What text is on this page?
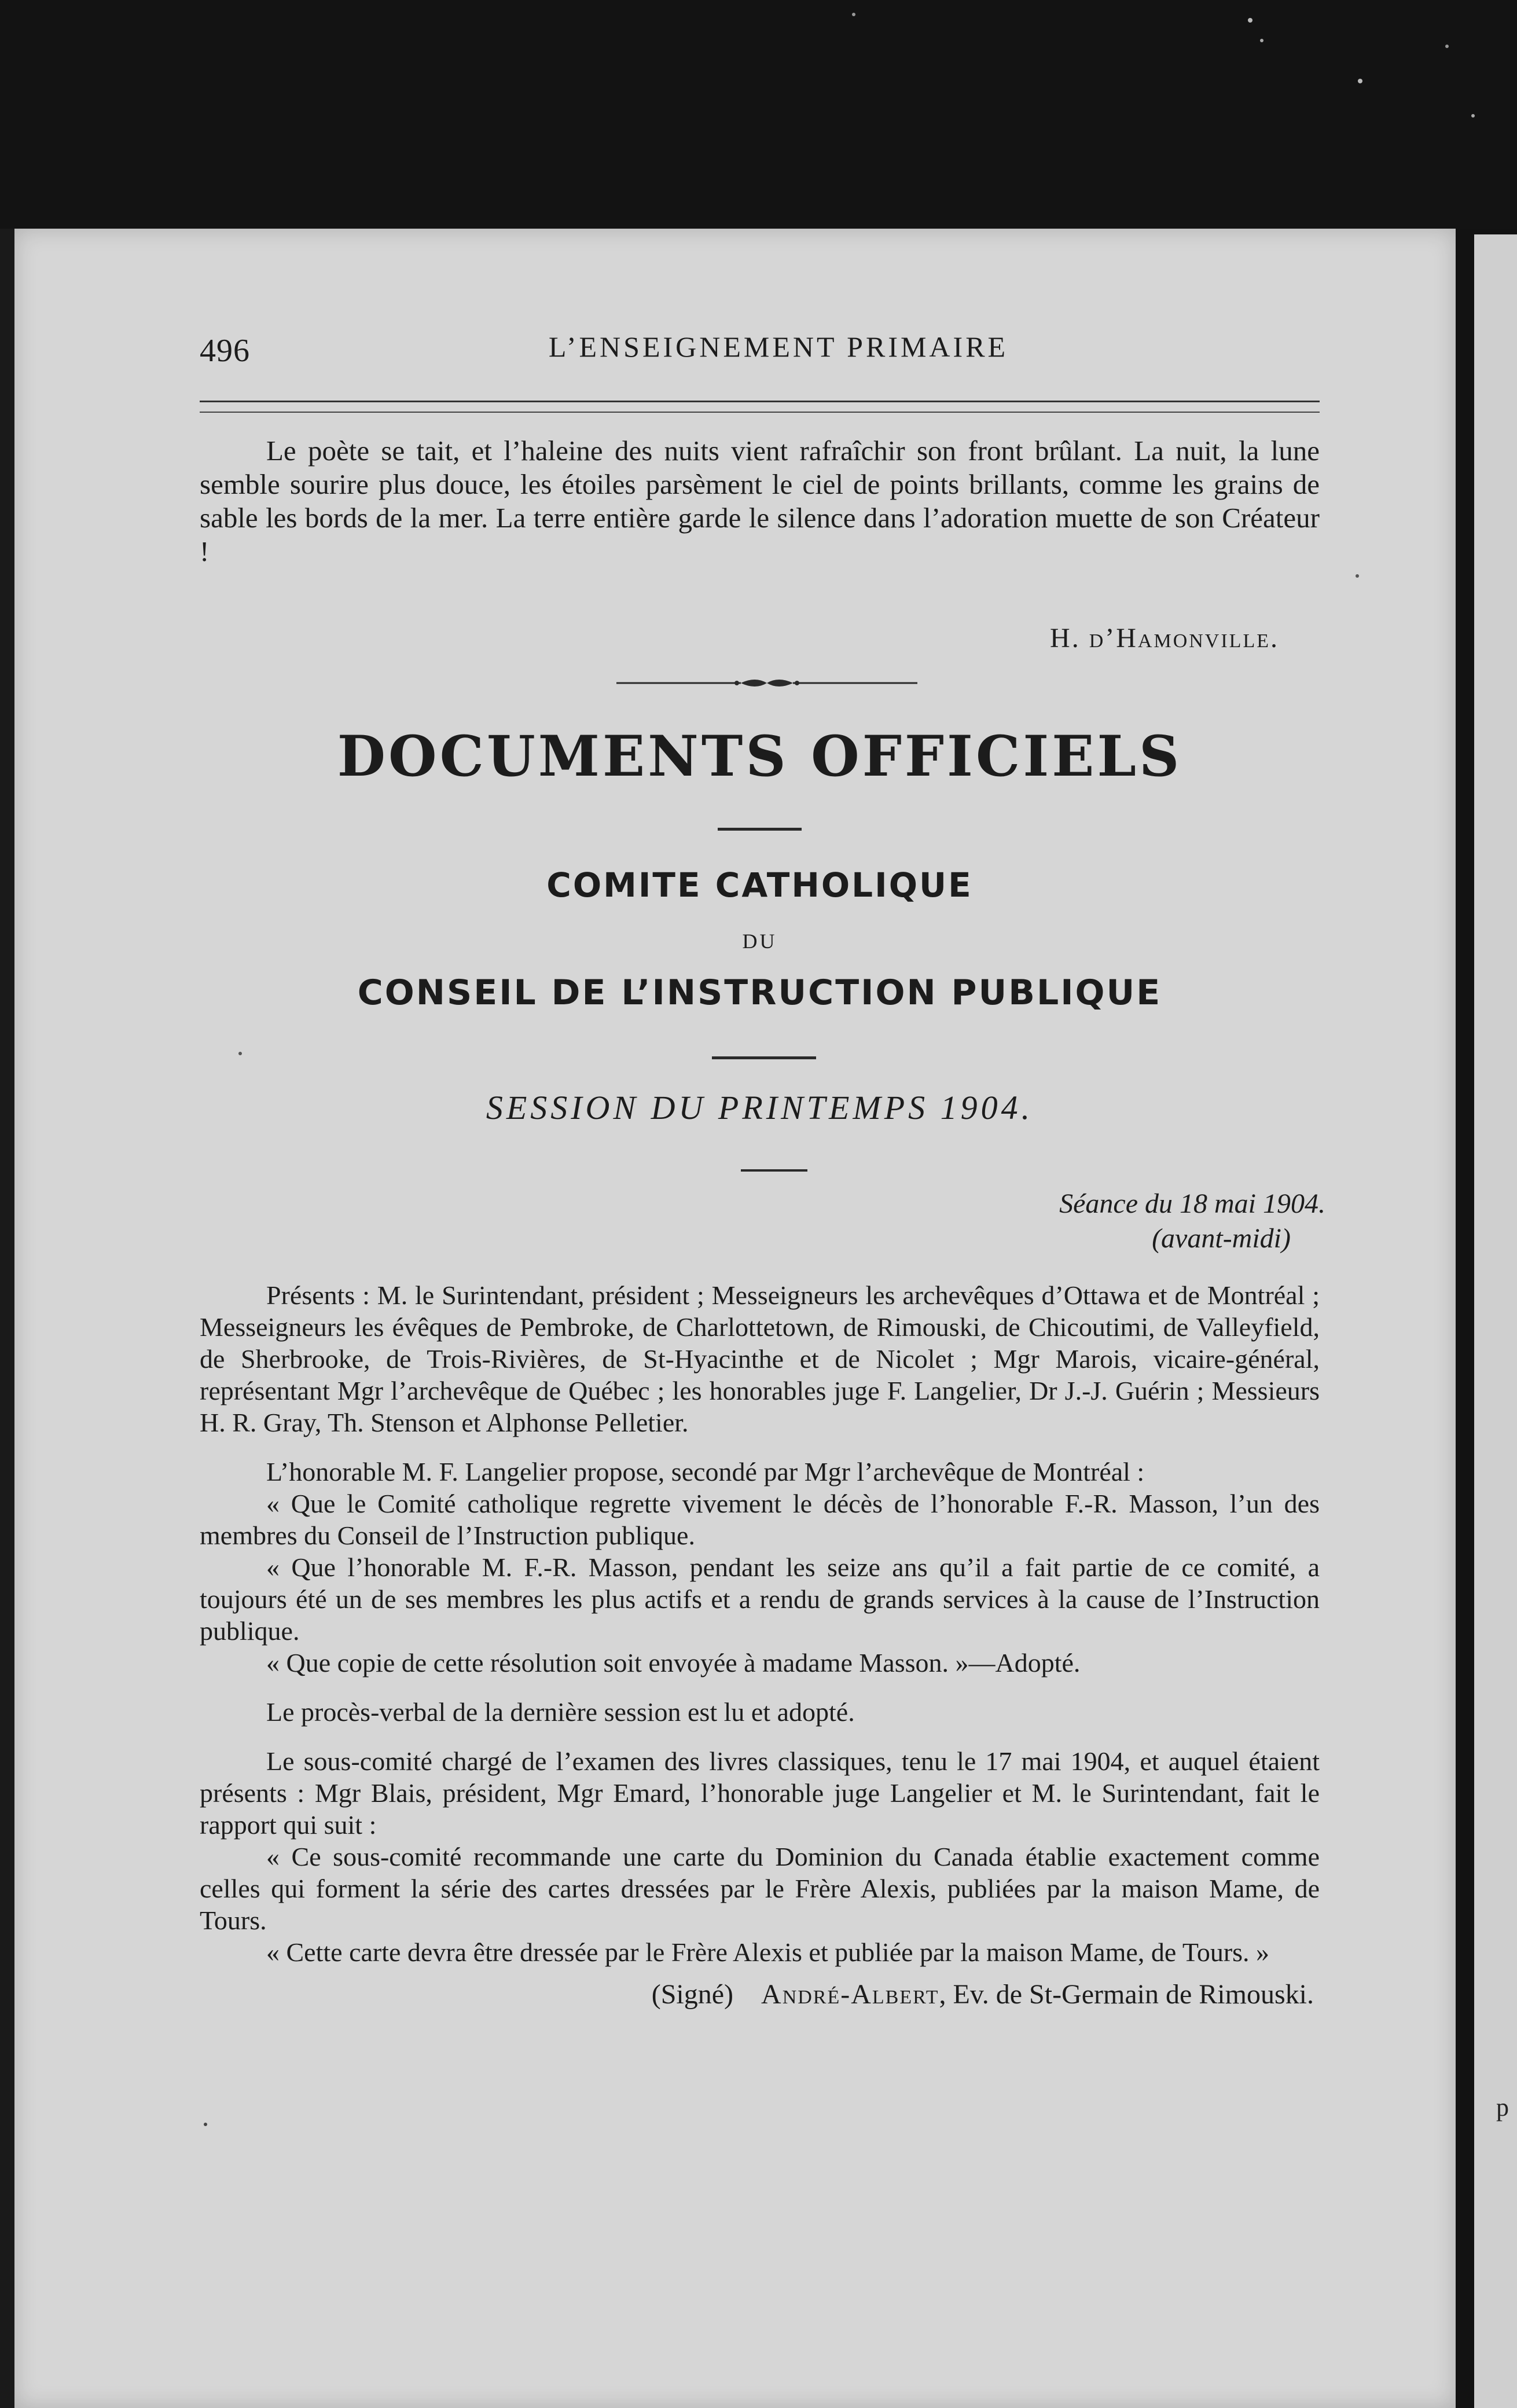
p
496	L’ENSEIGNEMENT PRIMAIRE

Le poète se tait, et l’haleine des nuits vient rafraîchir son front brûlant. La nuit, la lune semble sourire plus douce, les étoiles parsèment le ciel de points brillants, comme les grains de sable les bords de la mer. La terre entière garde le silence dans l’adoration muette de son Créateur !

H. d’Hamonville.
DOCUMENTS OFFICIELS
COMITE CATHOLIQUE
DU
CONSEIL DE L’INSTRUCTION PUBLIQUE
SESSION DU PRINTEMPS 1904.
Séance du 18 mai 1904.
(avant-midi)

Présents : M. le Surintendant, président ; Messeigneurs les archevêques d’Ottawa et de Montréal ; Messeigneurs les évêques de Pembroke, de Charlottetown, de Rimouski, de Chicoutimi, de Valleyfield, de Sherbrooke, de Trois-Rivières, de St-Hyacinthe et de Nicolet ; Mgr Marois, vicaire-général, représentant Mgr l’archevêque de Québec ; les honorables juge F. Langelier, Dr J.-J. Guérin ; Messieurs H. R. Gray, Th. Stenson et Alphonse Pelletier.

L’honorable M. F. Langelier propose, secondé par Mgr l’archevêque de Montréal :

« Que le Comité catholique regrette vivement le décès de l’honorable F.-R. Masson, l’un des membres du Conseil de l’Instruction publique.

« Que l’honorable M. F.-R. Masson, pendant les seize ans qu’il a fait partie de ce comité, a toujours été un de ses membres les plus actifs et a rendu de grands services à la cause de l’Instruction publique.

« Que copie de cette résolution soit envoyée à madame Masson. »—Adopté.

Le procès-verbal de la dernière session est lu et adopté.

Le sous-comité chargé de l’examen des livres classiques, tenu le 17 mai 1904, et auquel étaient présents : Mgr Blais, président, Mgr Emard, l’honorable juge Langelier et M. le Surintendant, fait le rapport qui suit :

« Ce sous-comité recommande une carte du Dominion du Canada établie exactement comme celles qui forment la série des cartes dressées par le Frère Alexis, publiées par la maison Mame, de Tours.

« Cette carte devra être dressée par le Frère Alexis et publiée par la maison Mame, de Tours. »

(Signé) André-Albert, Ev. de St-Germain de Rimouski.
